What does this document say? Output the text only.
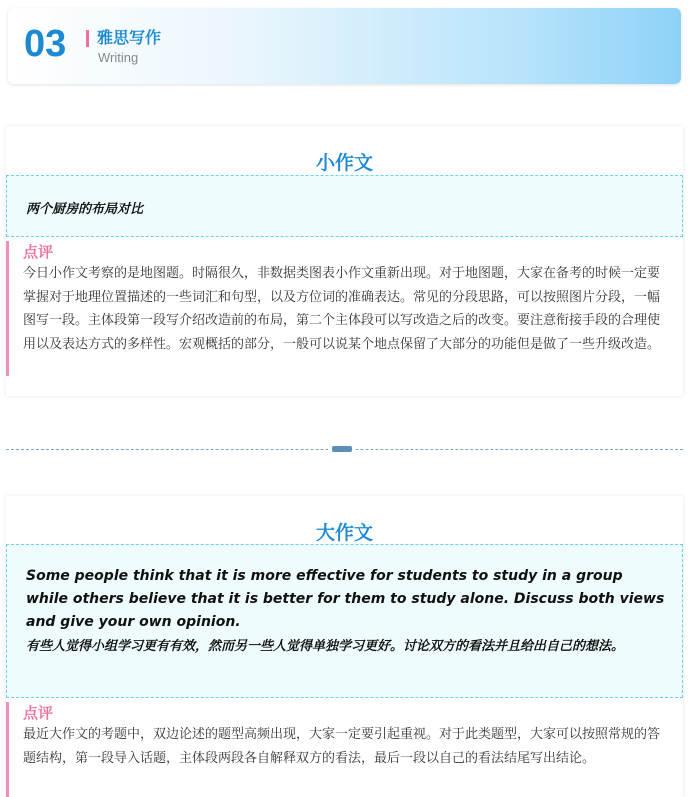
03 雅思写作
Writing
小作文
两个厨房的布局对比
点评
今日小作文考察的是地图题。时隔很久，非数据类图表小作文重新出现。对于地图题，大家在备考的时候一定要掌握对于地理位置描述的一些词汇和句型，以及方位词的准确表达。常见的分段思路，可以按照图片分段，一幅图写一段。主体段第一段写介绍改造前的布局，第二个主体段可以写改造之后的改变。要注意衔接手段的合理使用以及表达方式的多样性。宏观概括的部分，一般可以说某个地点保留了大部分的功能但是做了一些升级改造。
大作文
Some people think that it is more effective for students to study in a group while others believe that it is better for them to study alone. Discuss both views and give your own opinion.
有些人觉得小组学习更有有效，然而另一些人觉得单独学习更好。讨论双方的看法并且给出自己的想法。
点评
最近大作文的考题中，双边论述的题型高频出现，大家一定要引起重视。对于此类题型，大家可以按照常规的答题结构，第一段导入话题，主体段两段各自解释双方的看法，最后一段以自己的看法结尾写出结论。
